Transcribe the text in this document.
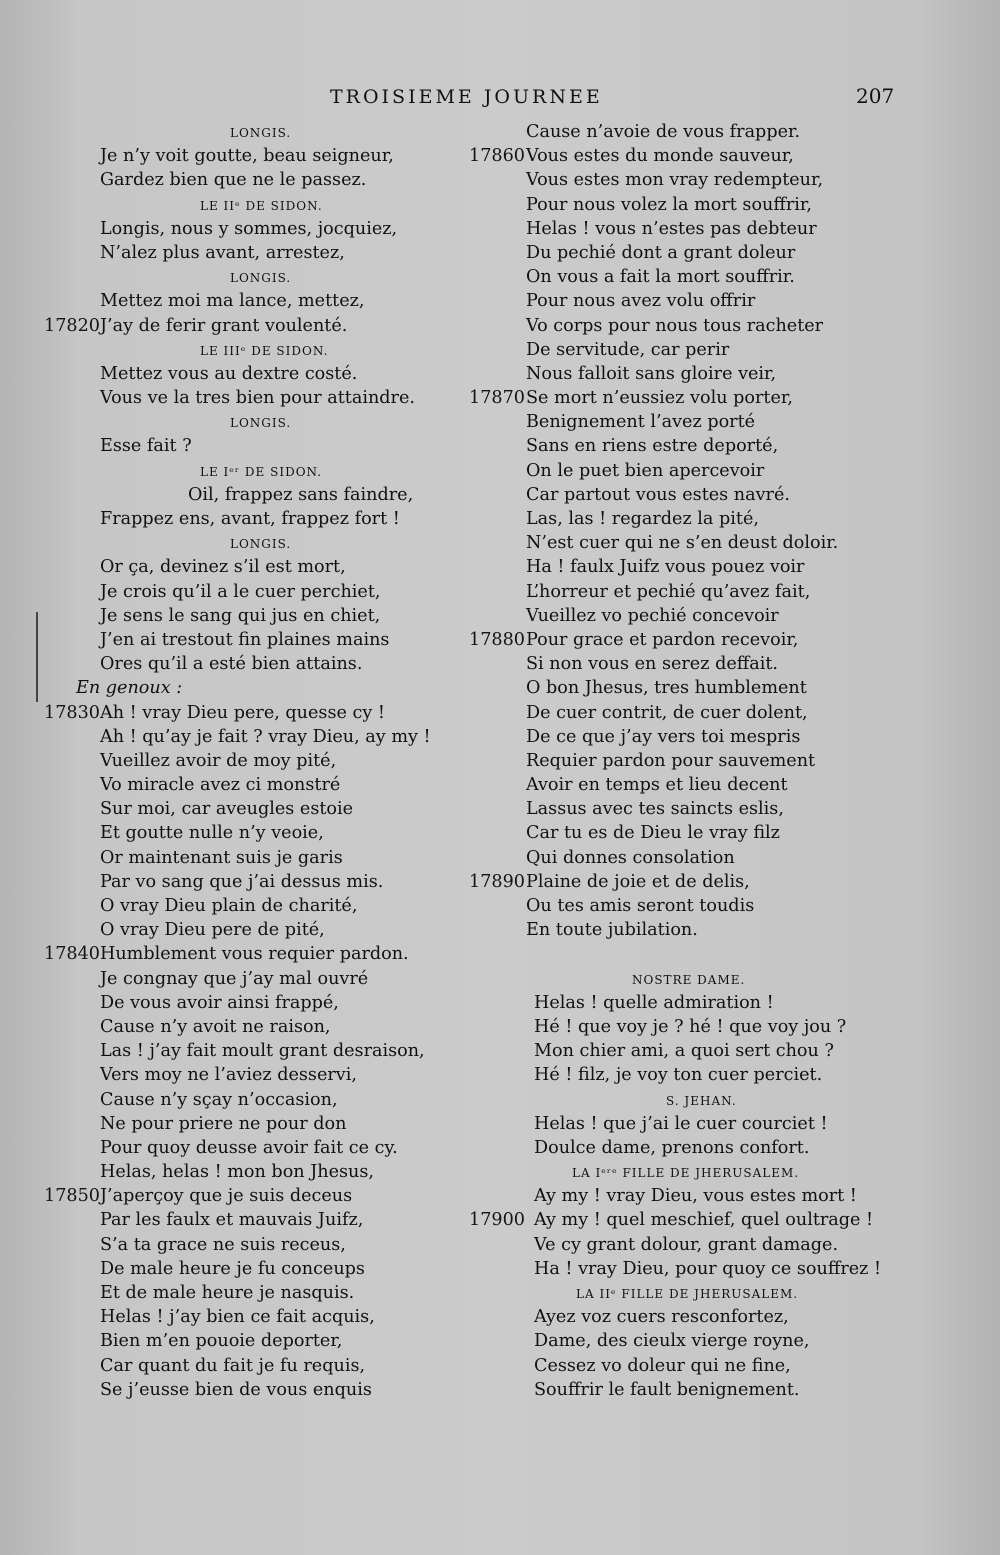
TROISIEME JOURNEE	207
LONGIS.
Je n’y voit goutte, beau seigneur,
Gardez bien que ne le passez.
LE IIᵉ DE SIDON.
Longis, nous y sommes, jocquiez,
N’alez plus avant, arrestez,
LONGIS.
Mettez moi ma lance, mettez,
17820 J’ay de ferir grant voulenté.
LE IIIᵉ DE SIDON.
Mettez vous au dextre costé.
Vous ve la tres bien pour attaindre.
LONGIS.
Esse fait ?
LE Iᵉʳ DE SIDON.
Oil, frappez sans faindre,
Frappez ens, avant, frappez fort !
LONGIS.
Or ça, devinez s’il est mort,
Je crois qu’il a le cuer perchiet,
Je sens le sang qui jus en chiet,
J’en ai trestout fin plaines mains
Ores qu’il a esté bien attains.
En genoux :
17830 Ah ! vray Dieu pere, quesse cy !
Ah ! qu’ay je fait ? vray Dieu, ay my !
Vueillez avoir de moy pité,
Vo miracle avez ci monstré
Sur moi, car aveugles estoie
Et goutte nulle n’y veoie,
Or maintenant suis je garis
Par vo sang que j’ai dessus mis.
O vray Dieu plain de charité,
O vray Dieu pere de pité,
17840 Humblement vous requier pardon.
Je congnay que j’ay mal ouvré
De vous avoir ainsi frappé,
Cause n’y avoit ne raison,
Las ! j’ay fait moult grant desraison,
Vers moy ne l’aviez desservi,
Cause n’y sçay n’occasion,
Ne pour priere ne pour don
Pour quoy deusse avoir fait ce cy.
Helas, helas ! mon bon Jhesus,
17850 J’aperçoy que je suis deceus
Par les faulx et mauvais Juifz,
S’a ta grace ne suis receus,
De male heure je fu conceups
Et de male heure je nasquis.
Helas ! j’ay bien ce fait acquis,
Bien m’en pouoie deporter,
Car quant du fait je fu requis,
Se j’eusse bien de vous enquis
Cause n’avoie de vous frapper.
17860 Vous estes du monde sauveur,
Vous estes mon vray redempteur,
Pour nous volez la mort souffrir,
Helas ! vous n’estes pas debteur
Du pechié dont a grant doleur
On vous a fait la mort souffrir.
Pour nous avez volu offrir
Vo corps pour nous tous racheter
De servitude, car perir
Nous falloit sans gloire veir,
17870 Se mort n’eussiez volu porter,
Benignement l’avez porté
Sans en riens estre deporté,
On le puet bien apercevoir
Car partout vous estes navré.
Las, las ! regardez la pité,
N’est cuer qui ne s’en deust doloir.
Ha ! faulx Juifz vous pouez voir
L’horreur et pechié qu’avez fait,
Vueillez vo pechié concevoir
17880 Pour grace et pardon recevoir,
Si non vous en serez deffait.
O bon Jhesus, tres humblement
De cuer contrit, de cuer dolent,
De ce que j’ay vers toi mespris
Requier pardon pour sauvement
Avoir en temps et lieu decent
Lassus avec tes saincts eslis,
Car tu es de Dieu le vray filz
Qui donnes consolation
17890 Plaine de joie et de delis,
Ou tes amis seront toudis
En toute jubilation.
NOSTRE DAME.
Helas ! quelle admiration !
Hé ! que voy je ? hé ! que voy jou ?
Mon chier ami, a quoi sert chou ?
Hé ! filz, je voy ton cuer perciet.
S. JEHAN.
Helas ! que j’ai le cuer courciet !
Doulce dame, prenons confort.
LA Iᵉʳᵉ FILLE DE JHERUSALEM.
Ay my ! vray Dieu, vous estes mort !
17900 Ay my ! quel meschief, quel oultrage !
Ve cy grant dolour, grant damage.
Ha ! vray Dieu, pour quoy ce souffrez !
LA IIᵉ FILLE DE JHERUSALEM.
Ayez voz cuers resconfortez,
Dame, des cieulx vierge royne,
Cessez vo doleur qui ne fine,
Souffrir le fault benignement.
